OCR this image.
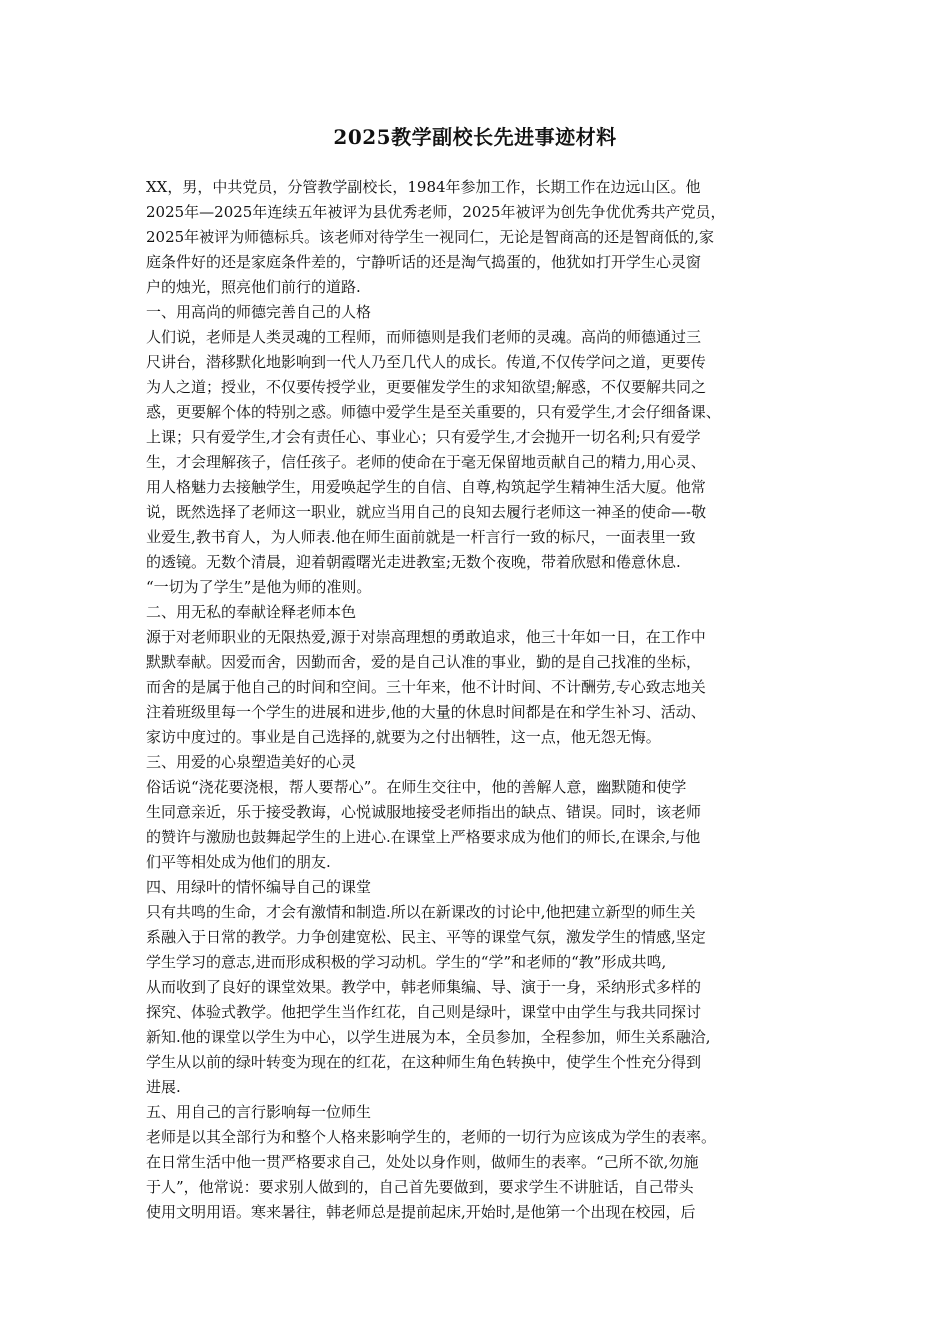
2025教学副校长先进事迹材料
XX，男，中共党员，分管教学副校长，1984年参加工作，长期工作在边远山区。他
2025年—2025年连续五年被评为县优秀老师，2025年被评为创先争优优秀共产党员，
2025年被评为师德标兵。该老师对待学生一视同仁，无论是智商高的还是智商低的,家
庭条件好的还是家庭条件差的，宁静听话的还是淘气捣蛋的，他犹如打开学生心灵窗
户的烛光，照亮他们前行的道路.
一、用高尚的师德完善自己的人格
人们说，老师是人类灵魂的工程师，而师德则是我们老师的灵魂。高尚的师德通过三
尺讲台，潜移默化地影响到一代人乃至几代人的成长。传道,不仅传学问之道，更要传
为人之道；授业，不仅要传授学业，更要催发学生的求知欲望;解惑，不仅要解共同之
惑，更要解个体的特别之惑。师德中爱学生是至关重要的，只有爱学生,才会仔细备课、
上课；只有爱学生,才会有责任心、事业心；只有爱学生,才会抛开一切名利;只有爱学
生，才会理解孩子，信任孩子。老师的使命在于毫无保留地贡献自己的精力,用心灵、
用人格魅力去接触学生，用爱唤起学生的自信、自尊,构筑起学生精神生活大厦。他常
说，既然选择了老师这一职业，就应当用自己的良知去履行老师这一神圣的使命—-敬
业爱生,教书育人，为人师表.他在师生面前就是一杆言行一致的标尺，一面表里一致
的透镜。无数个清晨，迎着朝霞曙光走进教室;无数个夜晚，带着欣慰和倦意休息.
“一切为了学生”是他为师的准则。
二、用无私的奉献诠释老师本色
源于对老师职业的无限热爱,源于对崇高理想的勇敢追求，他三十年如一日，在工作中
默默奉献。因爱而舍，因勤而舍，爱的是自己认准的事业，勤的是自己找准的坐标，
而舍的是属于他自己的时间和空间。三十年来，他不计时间、不计酬劳,专心致志地关
注着班级里每一个学生的进展和进步,他的大量的休息时间都是在和学生补习、活动、
家访中度过的。事业是自己选择的,就要为之付出牺牲，这一点，他无怨无悔。
三、用爱的心泉塑造美好的心灵
俗话说“浇花要浇根，帮人要帮心”。在师生交往中，他的善解人意，幽默随和使学
生同意亲近，乐于接受教诲，心悦诚服地接受老师指出的缺点、错误。同时，该老师
的赞许与激励也鼓舞起学生的上进心.在课堂上严格要求成为他们的师长,在课余,与他
们平等相处成为他们的朋友.
四、用绿叶的情怀编导自己的课堂
只有共鸣的生命，才会有激情和制造.所以在新课改的讨论中,他把建立新型的师生关
系融入于日常的教学。力争创建宽松、民主、平等的课堂气氛，激发学生的情感,坚定
学生学习的意志,进而形成积极的学习动机。学生的“学”和老师的“教”形成共鸣,
从而收到了良好的课堂效果。教学中，韩老师集编、导、演于一身，采纳形式多样的
探究、体验式教学。他把学生当作红花，自己则是绿叶，课堂中由学生与我共同探讨
新知.他的课堂以学生为中心，以学生进展为本，全员参加，全程参加，师生关系融洽,
学生从以前的绿叶转变为现在的红花，在这种师生角色转换中，使学生个性充分得到
进展.
五、用自己的言行影响每一位师生
老师是以其全部行为和整个人格来影响学生的，老师的一切行为应该成为学生的表率。
在日常生活中他一贯严格要求自己，处处以身作则，做师生的表率。“己所不欲,勿施
于人”，他常说：要求别人做到的，自己首先要做到，要求学生不讲脏话，自己带头
使用文明用语。寒来暑往，韩老师总是提前起床,开始时,是他第一个出现在校园，后
